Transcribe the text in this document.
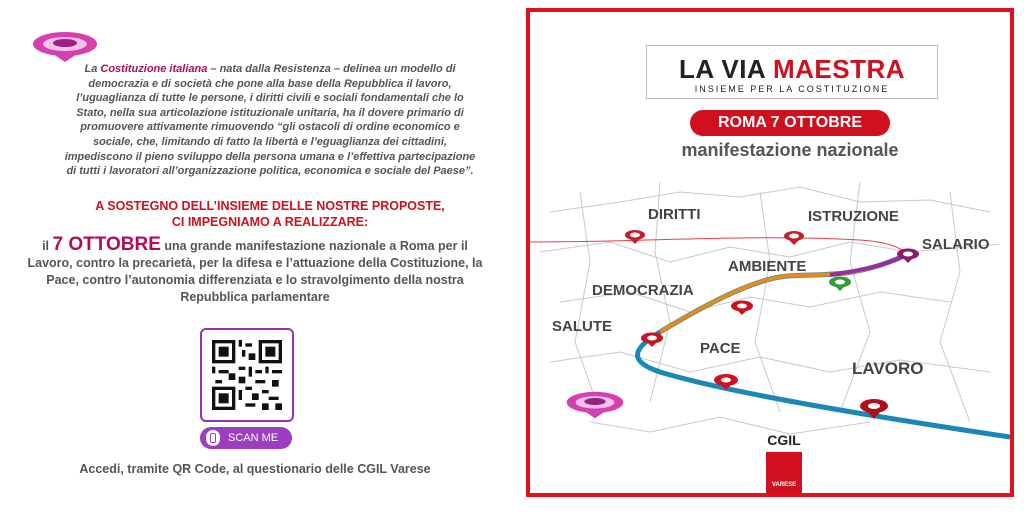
La Costituzione italiana – nata dalla Resistenza – delinea un modello di democrazia e di società che pone alla base della Repubblica il lavoro, l’uguaglianza di tutte le persone, i diritti civili e sociali fondamentali che lo Stato, nella sua articolazione istituzionale unitaria, ha il dovere primario di promuovere attivamente rimuovendo “gli ostacoli di ordine economico e sociale, che, limitando di fatto la libertà e l’eguaglianza dei cittadini, impediscono il pieno sviluppo della persona umana e l’effettiva partecipazione di tutti i lavoratori all’organizzazione politica, economica e sociale del Paese”.

A SOSTEGNO DELL’INSIEME DELLE NOSTRE PROPOSTE,
CI IMPEGNIAMO A REALIZZARE:

il 7 OTTOBRE una grande manifestazione nazionale a Roma per il Lavoro, contro la precarietà, per la difesa e l’attuazione della Costituzione, la Pace, contro l’autonomia differenziata e lo stravolgimento della nostra Repubblica parlamentare

SCAN ME

Accedi, tramite QR Code, al questionario delle CGIL Varese

LA VIA MAESTRA
INSIEME PER LA COSTITUZIONE
ROMA 7 OTTOBRE
manifestazione nazionale
DIRITTI	ISTRUZIONE
SALARIO
AMBIENTE
DEMOCRAZIA
SALUTE
PACE
LAVORO
CGIL
VARESE
